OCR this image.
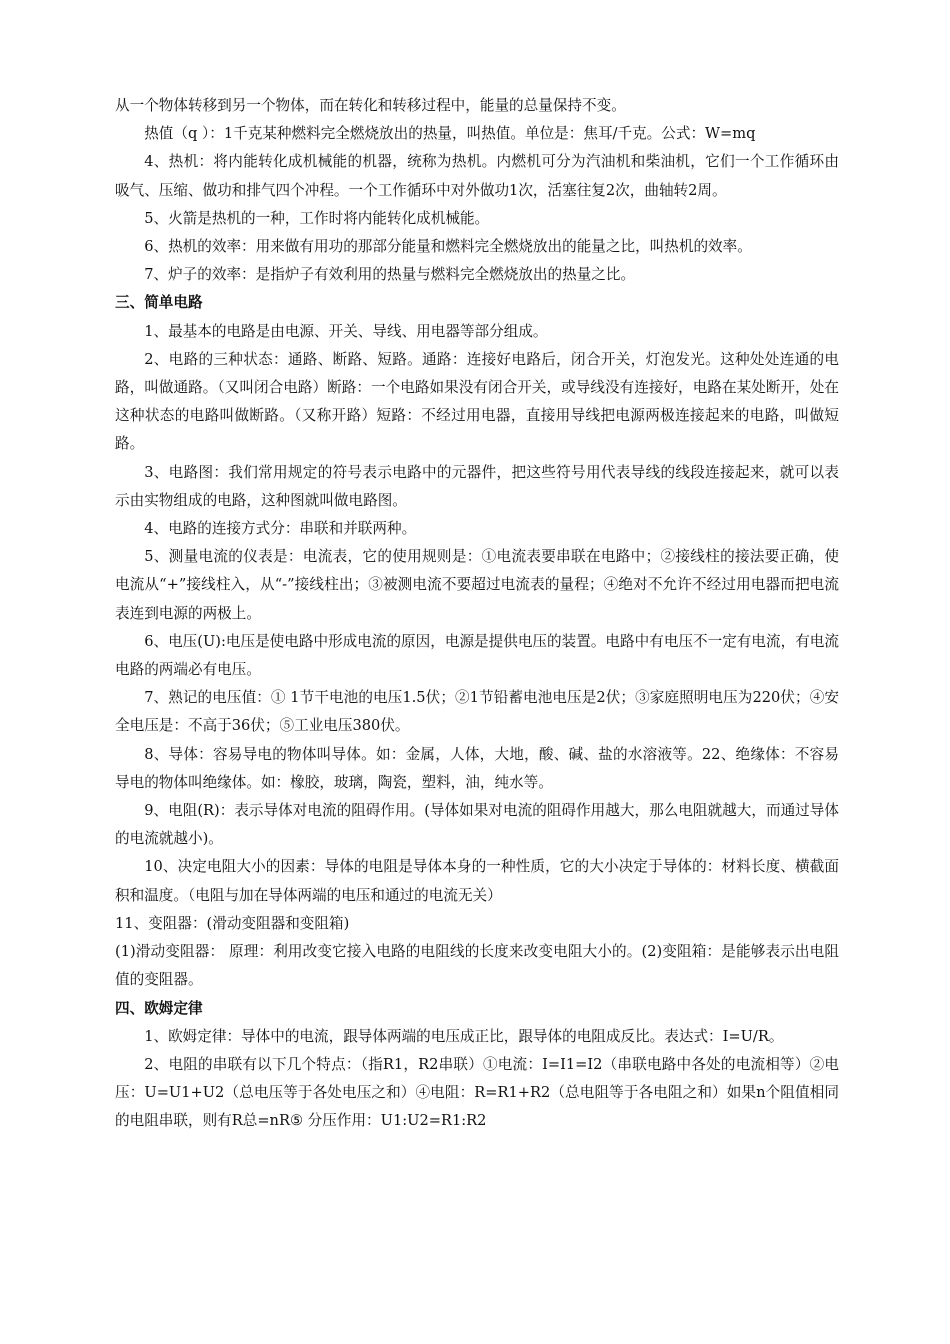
从一个物体转移到另一个物体，而在转化和转移过程中，能量的总量保持不变。

热值（q ）：1千克某种燃料完全燃烧放出的热量，叫热值。单位是：焦耳/千克。公式：W=mq

4、热机：将内能转化成机械能的机器，统称为热机。内燃机可分为汽油机和柴油机，它们一个工作循环由吸气、压缩、做功和排气四个冲程。一个工作循环中对外做功1次，活塞往复2次，曲轴转2周。

5、火箭是热机的一种，工作时将内能转化成机械能。

6、热机的效率：用来做有用功的那部分能量和燃料完全燃烧放出的能量之比，叫热机的效率。

7、炉子的效率：是指炉子有效利用的热量与燃料完全燃烧放出的热量之比。

三、简单电路

1、最基本的电路是由电源、开关、导线、用电器等部分组成。

2、电路的三种状态：通路、断路、短路。通路：连接好电路后，闭合开关，灯泡发光。这种处处连通的电路，叫做通路。（又叫闭合电路）断路：一个电路如果没有闭合开关，或导线没有连接好，电路在某处断开，处在这种状态的电路叫做断路。（又称开路）短路：不经过用电器，直接用导线把电源两极连接起来的电路，叫做短路。

3、电路图：我们常用规定的符号表示电路中的元器件，把这些符号用代表导线的线段连接起来，就可以表示由实物组成的电路，这种图就叫做电路图。

4、电路的连接方式分：串联和并联两种。

5、测量电流的仪表是：电流表，它的使用规则是：①电流表要串联在电路中；②接线柱的接法要正确，使电流从“+”接线柱入，从“-”接线柱出；③被测电流不要超过电流表的量程；④绝对不允许不经过用电器而把电流表连到电源的两极上。

6、电压(U):电压是使电路中形成电流的原因，电源是提供电压的装置。电路中有电压不一定有电流，有电流电路的两端必有电压。

7、熟记的电压值：① 1节干电池的电压1.5伏；②1节铅蓄电池电压是2伏；③家庭照明电压为220伏；④安全电压是：不高于36伏；⑤工业电压380伏。

8、导体：容易导电的物体叫导体。如：金属，人体，大地，酸、碱、盐的水溶液等。22、绝缘体：不容易导电的物体叫绝缘体。如：橡胶，玻璃，陶瓷，塑料，油，纯水等。

9、电阻(R)：表示导体对电流的阻碍作用。(导体如果对电流的阻碍作用越大，那么电阻就越大，而通过导体的电流就越小)。

10、决定电阻大小的因素：导体的电阻是导体本身的一种性质，它的大小决定于导体的：材料长度、横截面积和温度。（电阻与加在导体两端的电压和通过的电流无关）

11、变阻器：(滑动变阻器和变阻箱)

(1)滑动变阻器： 原理：利用改变它接入电路的电阻线的长度来改变电阻大小的。(2)变阻箱：是能够表示出电阻值的变阻器。

四、欧姆定律

1、欧姆定律：导体中的电流，跟导体两端的电压成正比，跟导体的电阻成反比。表达式：I=U/R。

2、电阻的串联有以下几个特点：（指R1，R2串联）①电流：I=I1=I2（串联电路中各处的电流相等）②电压：U=U1+U2（总电压等于各处电压之和）④电阻：R=R1+R2（总电阻等于各电阻之和）如果n个阻值相同的电阻串联，则有R总=nR⑤ 分压作用：U1:U2=R1:R2
